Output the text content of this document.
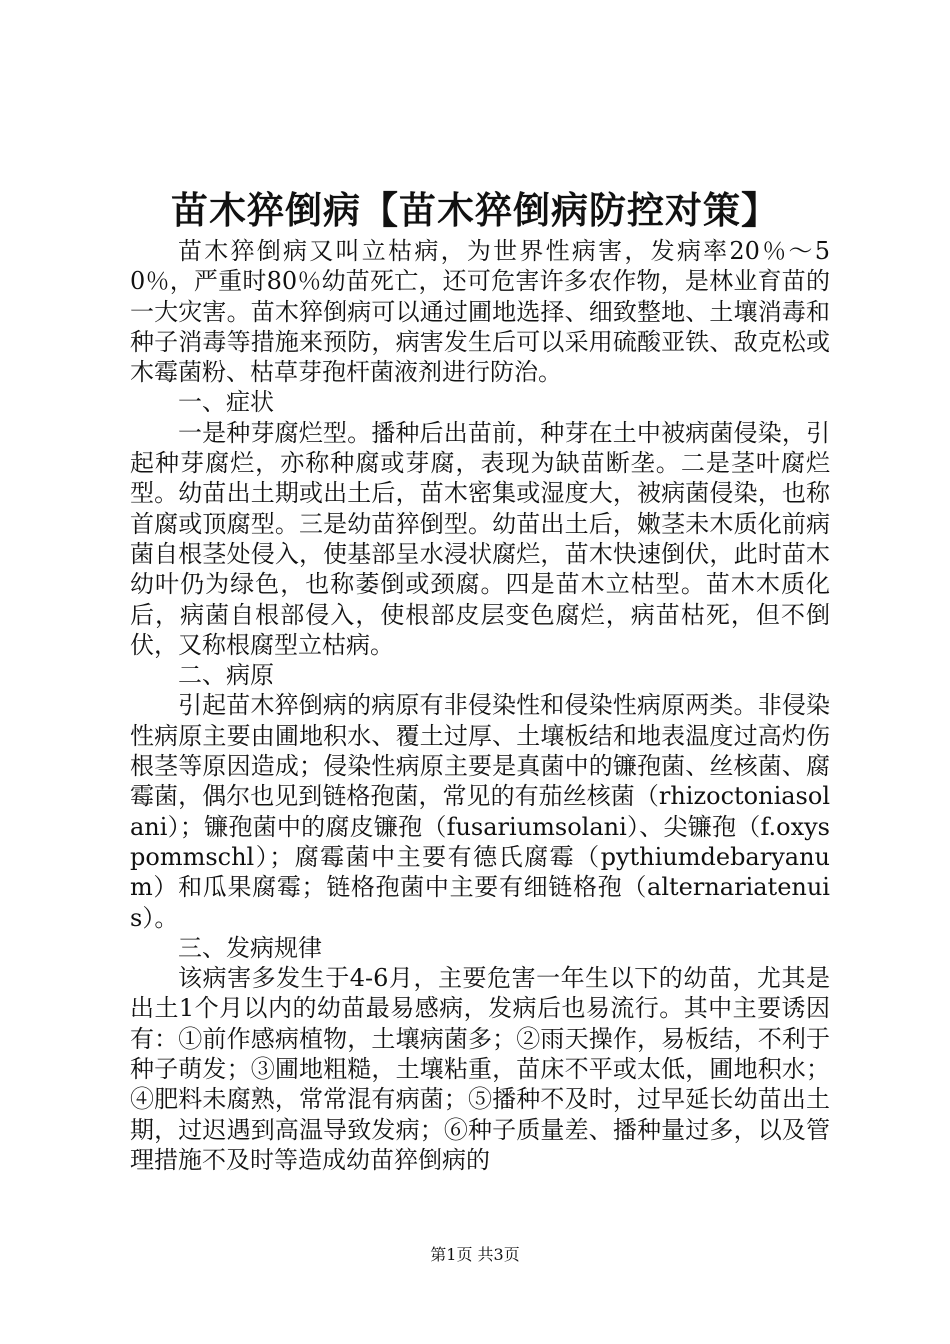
苗木猝倒病【苗木猝倒病防控对策】

苗木猝倒病又叫立枯病，为世界性病害，发病率20％～50％，严重时80％幼苗死亡，还可危害许多农作物，是林业育苗的一大灾害。苗木猝倒病可以通过圃地选择、细致整地、土壤消毒和种子消毒等措施来预防，病害发生后可以采用硫酸亚铁、敌克松或木霉菌粉、枯草芽孢杆菌液剂进行防治。

一、症状

一是种芽腐烂型。播种后出苗前，种芽在土中被病菌侵染，引起种芽腐烂，亦称种腐或芽腐，表现为缺苗断垄。二是茎叶腐烂型。幼苗出土期或出土后，苗木密集或湿度大，被病菌侵染，也称首腐或顶腐型。三是幼苗猝倒型。幼苗出土后，嫩茎未木质化前病菌自根茎处侵入，使基部呈水浸状腐烂，苗木快速倒伏，此时苗木幼叶仍为绿色，也称萎倒或颈腐。四是苗木立枯型。苗木木质化后，病菌自根部侵入，使根部皮层变色腐烂，病苗枯死，但不倒伏，又称根腐型立枯病。

二、病原

引起苗木猝倒病的病原有非侵染性和侵染性病原两类。非侵染性病原主要由圃地积水、覆土过厚、土壤板结和地表温度过高灼伤根茎等原因造成；侵染性病原主要是真菌中的镰孢菌、丝核菌、腐霉菌，偶尔也见到链格孢菌，常见的有茄丝核菌（rhizoctoniasolani）；镰孢菌中的腐皮镰孢（fusariumsolani）、尖镰孢（f.oxyspommschl）；腐霉菌中主要有德氏腐霉（pythiumdebaryanum）和瓜果腐霉；链格孢菌中主要有细链格孢（alternariatenuis）。

三、发病规律

该病害多发生于4-6月，主要危害一年生以下的幼苗，尤其是出土1个月以内的幼苗最易感病，发病后也易流行。其中主要诱因有：①前作感病植物，土壤病菌多；②雨天操作，易板结，不利于种子萌发；③圃地粗糙，土壤粘重，苗床不平或太低，圃地积水；④肥料未腐熟，常常混有病菌；⑤播种不及时，过早延长幼苗出土期，过迟遇到高温导致发病；⑥种子质量差、播种量过多，以及管理措施不及时等造成幼苗猝倒病的

第1页 共3页
